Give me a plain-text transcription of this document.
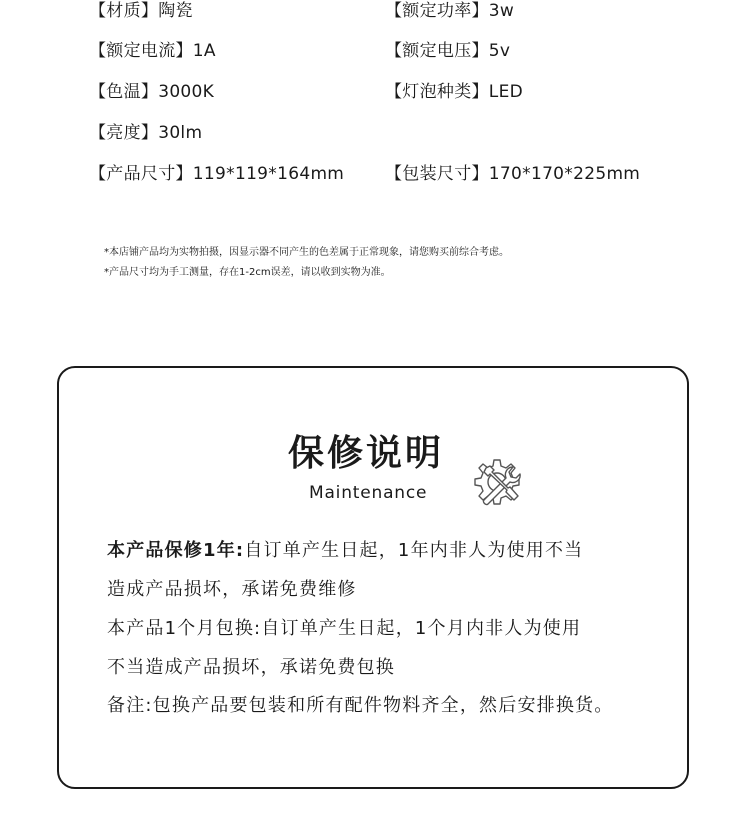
【材质】陶瓷	【额定功率】3w
【额定电流】1A	【额定电压】5v
【色温】3000K	【灯泡种类】LED
【亮度】30lm
【产品尺寸】119*119*164mm 【包装尺寸】170*170*225mm
*本店铺产品均为实物拍摄，因显示器不同产生的色差属于正常现象，请您购买前综合考虑。
*产品尺寸均为手工测量，存在1-2cm误差，请以收到实物为准。
保修说明
Maintenance
本产品保修1年:自订单产生日起，1年内非人为使用不当
造成产品损坏，承诺免费维修
本产品1个月包换:自订单产生日起，1个月内非人为使用
不当造成产品损坏，承诺免费包换
备注:包换产品要包装和所有配件物料齐全，然后安排换货。
